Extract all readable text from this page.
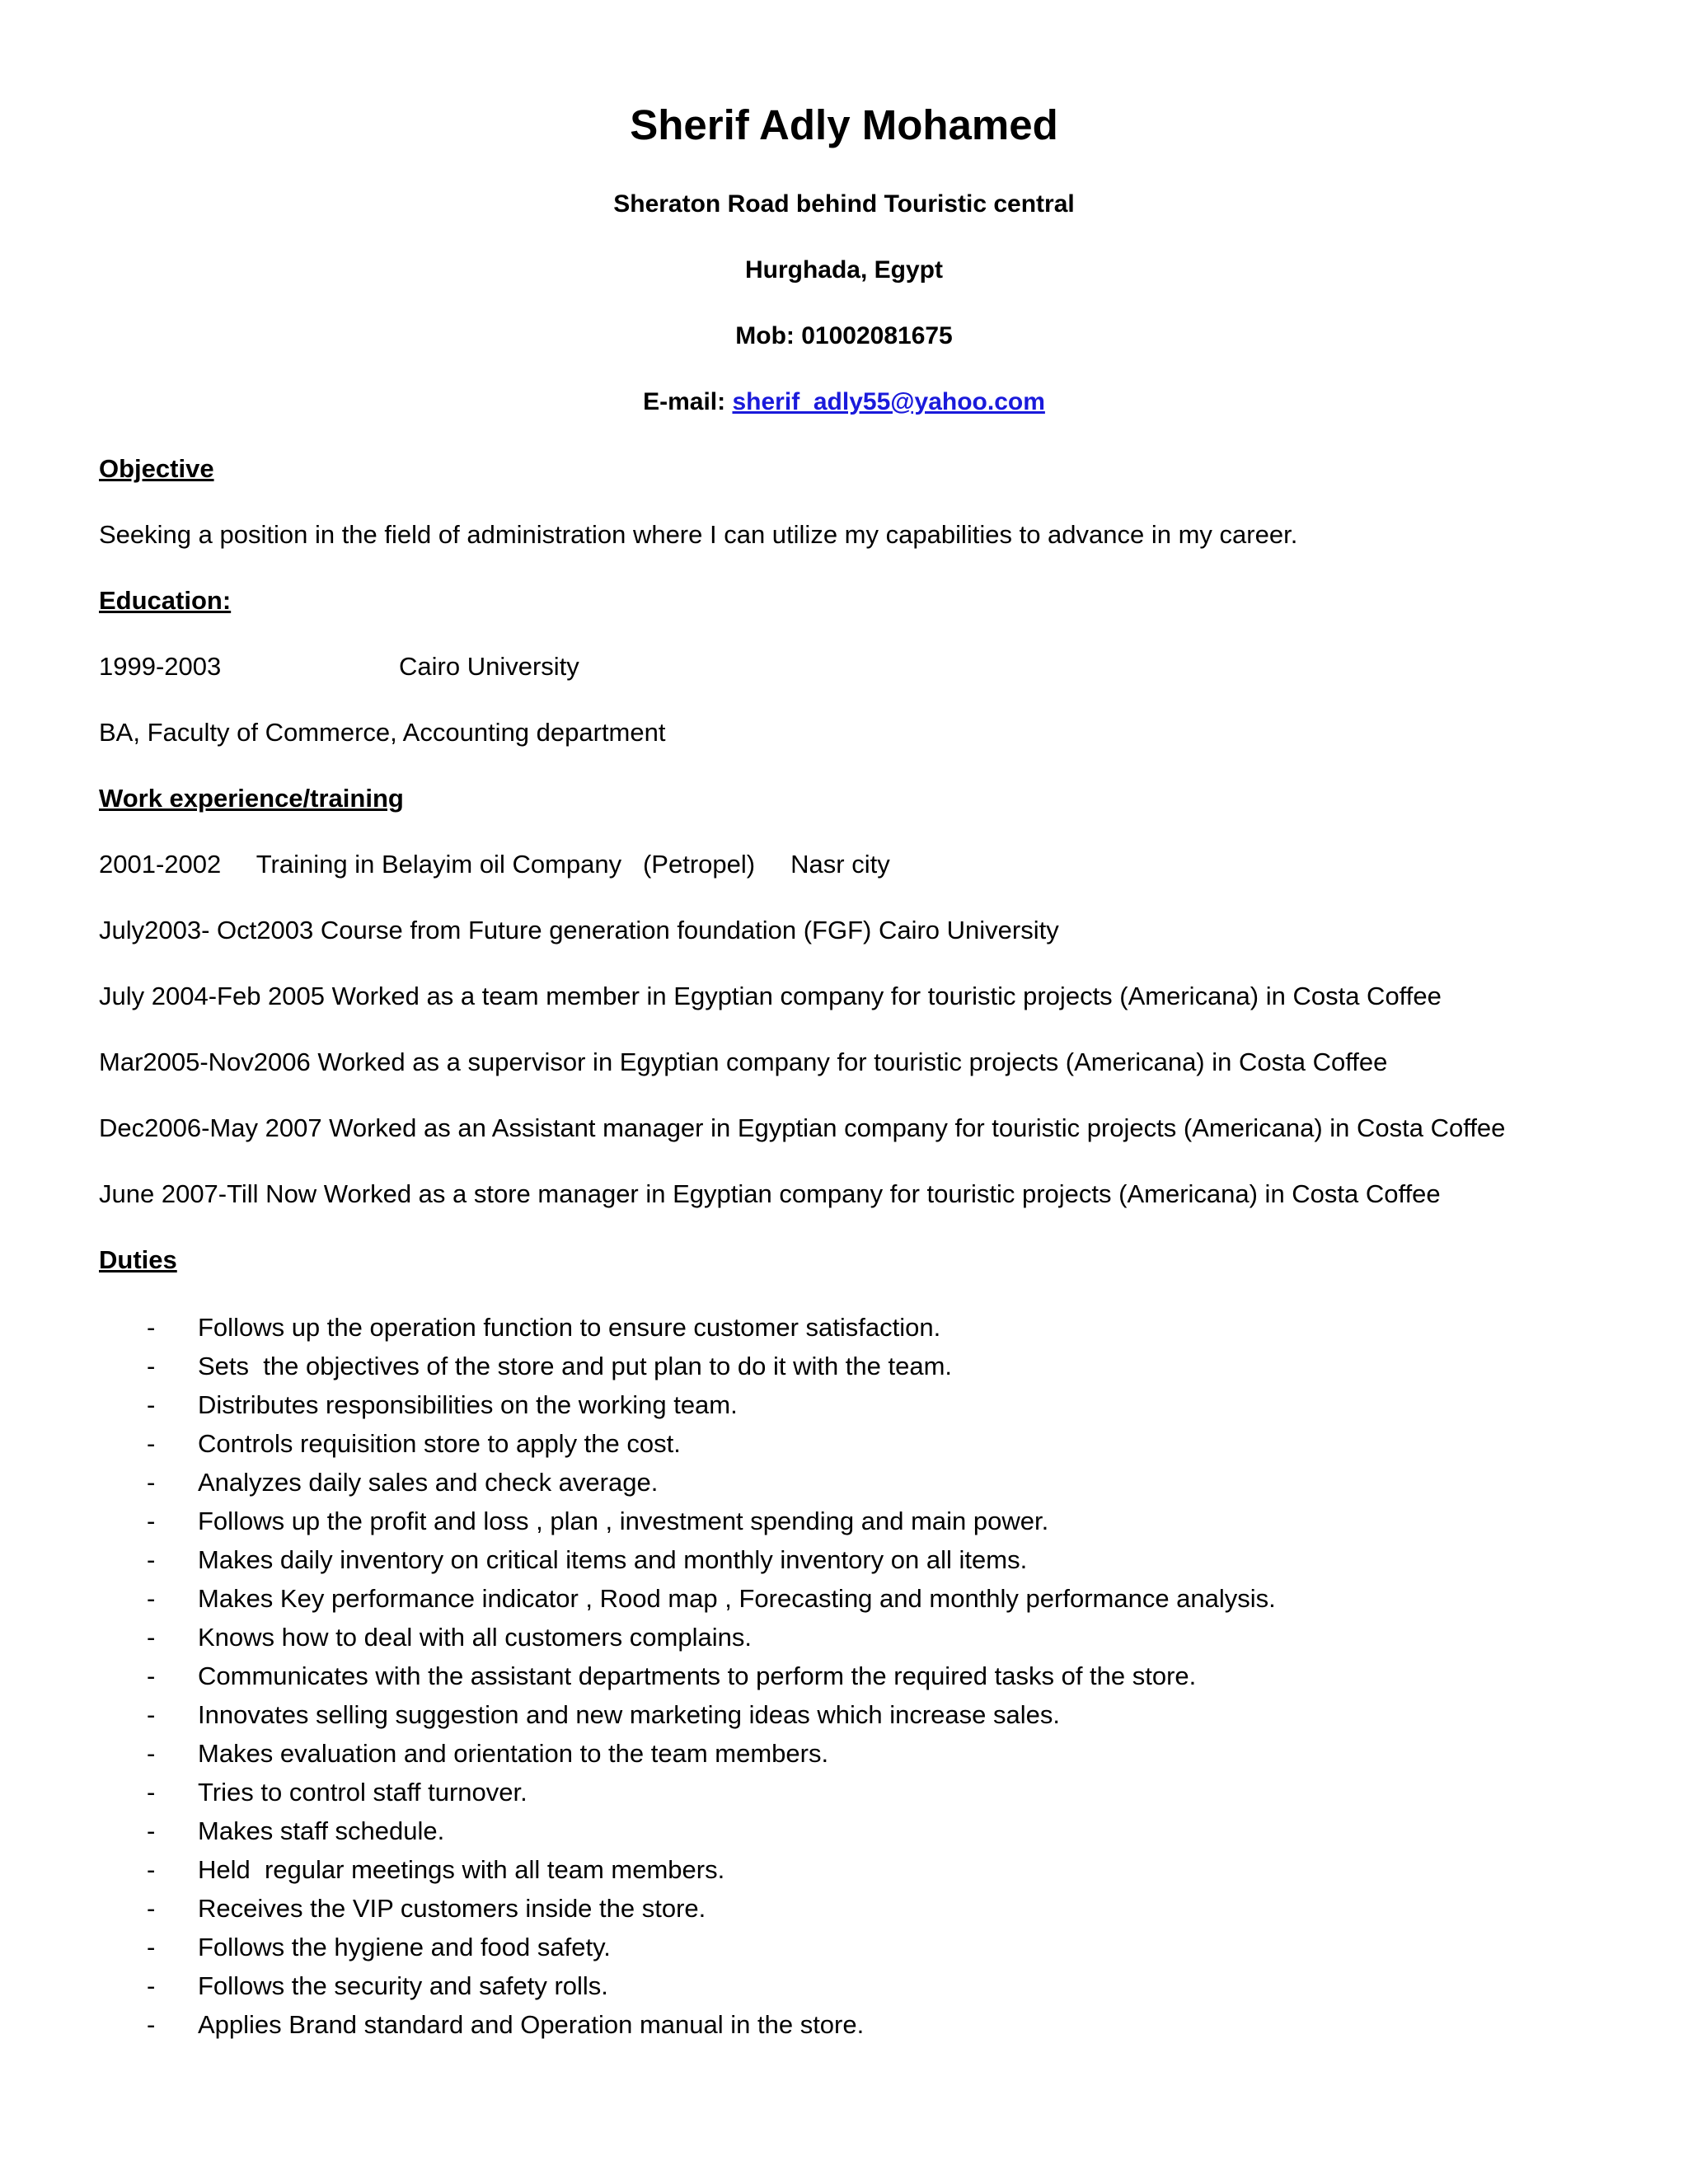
Sherif Adly Mohamed
Sheraton Road behind Touristic central
Hurghada, Egypt
Mob: 01002081675
E-mail: sherif_adly55@yahoo.com
Objective
Seeking a position in the field of administration where I can utilize my capabilities to advance in my career.
Education:
1999-2003	Cairo University
BA, Faculty of Commerce, Accounting department
Work experience/training
2001-2002     Training in Belayim oil Company   (Petropel)     Nasr city
July2003- Oct2003 Course from Future generation foundation (FGF) Cairo University
July 2004-Feb 2005 Worked as a team member in Egyptian company for touristic projects (Americana) in Costa Coffee
Mar2005-Nov2006 Worked as a supervisor in Egyptian company for touristic projects (Americana) in Costa Coffee
Dec2006-May 2007 Worked as an Assistant manager in Egyptian company for touristic projects (Americana) in Costa Coffee
June 2007-Till Now Worked as a store manager in Egyptian company for touristic projects (Americana) in Costa Coffee
Duties
- Follows up the operation function to ensure customer satisfaction.
- Sets  the objectives of the store and put plan to do it with the team.
- Distributes responsibilities on the working team.
- Controls requisition store to apply the cost.
- Analyzes daily sales and check average.
- Follows up the profit and loss , plan , investment spending and main power.
- Makes daily inventory on critical items and monthly inventory on all items.
- Makes Key performance indicator , Rood map , Forecasting and monthly performance analysis.
- Knows how to deal with all customers complains.
- Communicates with the assistant departments to perform the required tasks of the store.
- Innovates selling suggestion and new marketing ideas which increase sales.
- Makes evaluation and orientation to the team members.
- Tries to control staff turnover.
- Makes staff schedule.
- Held  regular meetings with all team members.
- Receives the VIP customers inside the store.
- Follows the hygiene and food safety.
- Follows the security and safety rolls.
- Applies Brand standard and Operation manual in the store.
